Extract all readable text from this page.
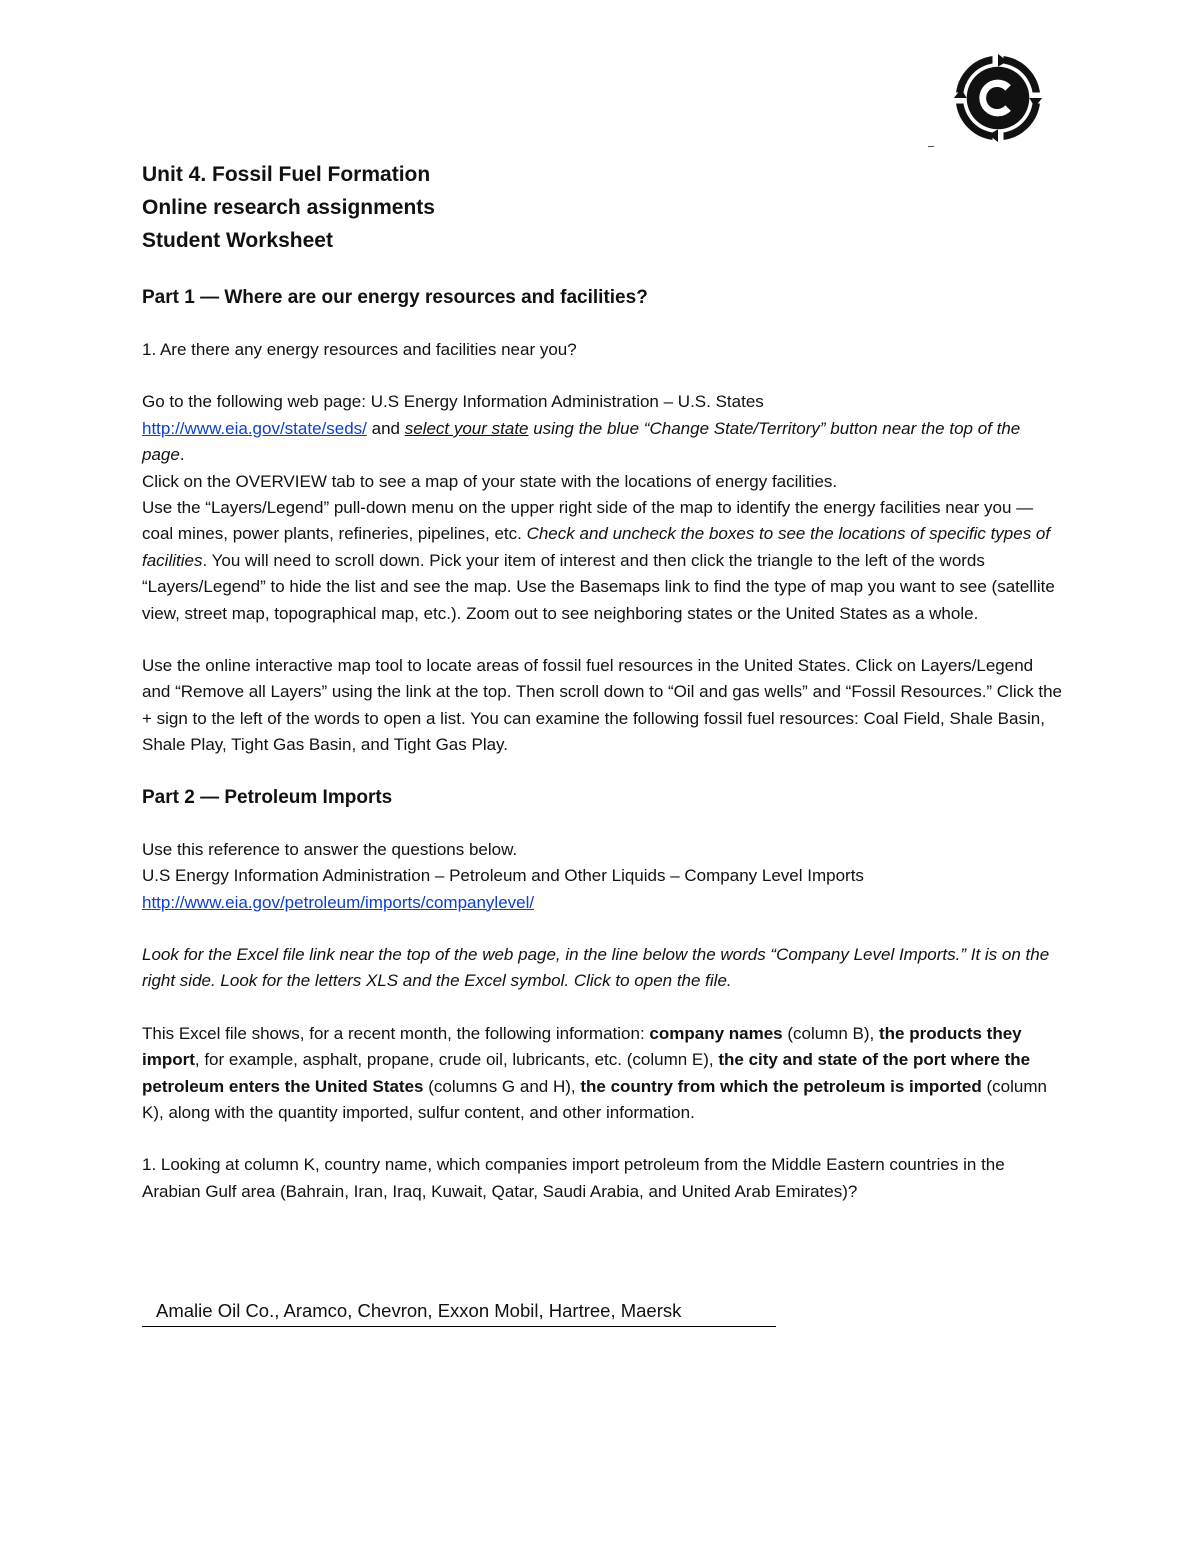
Unit 4. Fossil Fuel Formation

Online research assignments

Student Worksheet

Part 1 — Where are our energy resources and facilities?

1. Are there any energy resources and facilities near you?

Go to the following web page: U.S Energy Information Administration – U.S. States
http://www.eia.gov/state/seds/ and select your state using the blue “Change State/Territory” button near the top of the page.

Click on the OVERVIEW tab to see a map of your state with the locations of energy facilities.

Use the “Layers/Legend” pull-down menu on the upper right side of the map to identify the energy facilities near you — coal mines, power plants, refineries, pipelines, etc. Check and uncheck the boxes to see the locations of specific types of facilities. You will need to scroll down. Pick your item of interest and then click the triangle to the left of the words “Layers/Legend” to hide the list and see the map. Use the Basemaps link to find the type of map you want to see (satellite view, street map, topographical map, etc.). Zoom out to see neighboring states or the United States as a whole.

Use the online interactive map tool to locate areas of fossil fuel resources in the United States. Click on Layers/Legend and “Remove all Layers” using the link at the top. Then scroll down to “Oil and gas wells” and “Fossil Resources.” Click the + sign to the left of the words to open a list. You can examine the following fossil fuel resources: Coal Field, Shale Basin, Shale Play, Tight Gas Basin, and Tight Gas Play.

Part 2 — Petroleum Imports

Use this reference to answer the questions below.

U.S Energy Information Administration – Petroleum and Other Liquids – Company Level Imports

http://www.eia.gov/petroleum/imports/companylevel/

Look for the Excel file link near the top of the web page, in the line below the words “Company Level Imports.” It is on the right side. Look for the letters XLS and the Excel symbol. Click to open the file.

This Excel file shows, for a recent month, the following information: company names (column B), the products they import, for example, asphalt, propane, crude oil, lubricants, etc. (column E), the city and state of the port where the petroleum enters the United States (columns G and H), the country from which the petroleum is imported (column K), along with the quantity imported, sulfur content, and other information.

1. Looking at column K, country name, which companies import petroleum from the Middle Eastern countries in the Arabian Gulf area (Bahrain, Iran, Iraq, Kuwait, Qatar, Saudi Arabia, and United Arab Emirates)?

Amalie Oil Co., Aramco, Chevron, Exxon Mobil, Hartree, Maersk
